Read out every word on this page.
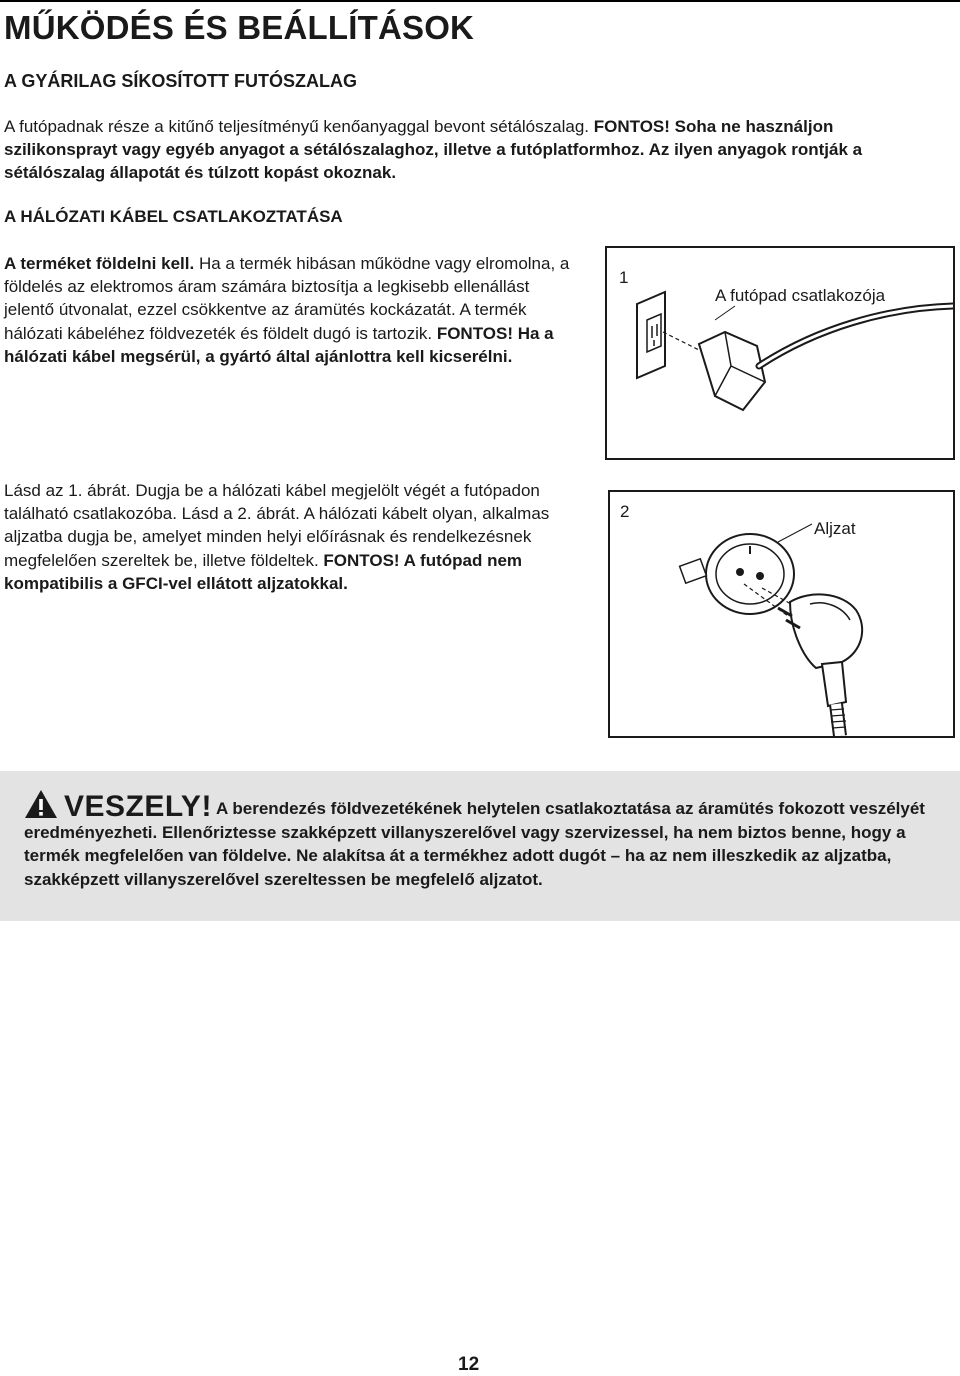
MŰKÖDÉS ÉS BEÁLLÍTÁSOK
A GYÁRILAG SÍKOSÍTOTT FUTÓSZALAG

A futópadnak része a kitűnő teljesítményű kenőanyaggal bevont sétálószalag. FONTOS! Soha ne használjon szilikonsprayt vagy egyéb anyagot a sétálószalaghoz, illetve a futóplatformhoz. Az ilyen anyagok rontják a sétálószalag állapotát és túlzott kopást okoznak.

A HÁLÓZATI KÁBEL CSATLAKOZTATÁSA

A terméket földelni kell. Ha a termék hibásan működne vagy elromolna, a földelés az elektromos áram számára biztosítja a legkisebb ellenállást jelentő útvonalat, ezzel csökkentve az áramütés kockázatát. A termék hálózati kábeléhez földvezeték és földelt dugó is tartozik. FONTOS! Ha a hálózati kábel megsérül, a gyártó által ajánlottra kell kicserélni.

Lásd az 1. ábrát. Dugja be a hálózati kábel megjelölt végét a futópadon található csatlakozóba. Lásd a 2. ábrát. A hálózati kábelt olyan, alkalmas aljzatba dugja be, amelyet minden helyi előírásnak és rendelkezésnek megfelelően szereltek be, illetve földeltek. FONTOS! A futópad nem kompatibilis a GFCI-vel ellátott aljzatokkal.

1
A futópad csatlakozója
2
Aljzat

VESZELY! A berendezés földvezetékének helytelen csatlakoztatása az áramütés fokozott veszélyét eredményezheti. Ellenőriztesse szakképzett villanyszerelővel vagy szervizessel, ha nem biztos benne, hogy a termék megfelelően van földelve. Ne alakítsa át a termékhez adott dugót – ha az nem illeszkedik az aljzatba, szakképzett villanyszerelővel szereltessen be megfelelő aljzatot.

12
